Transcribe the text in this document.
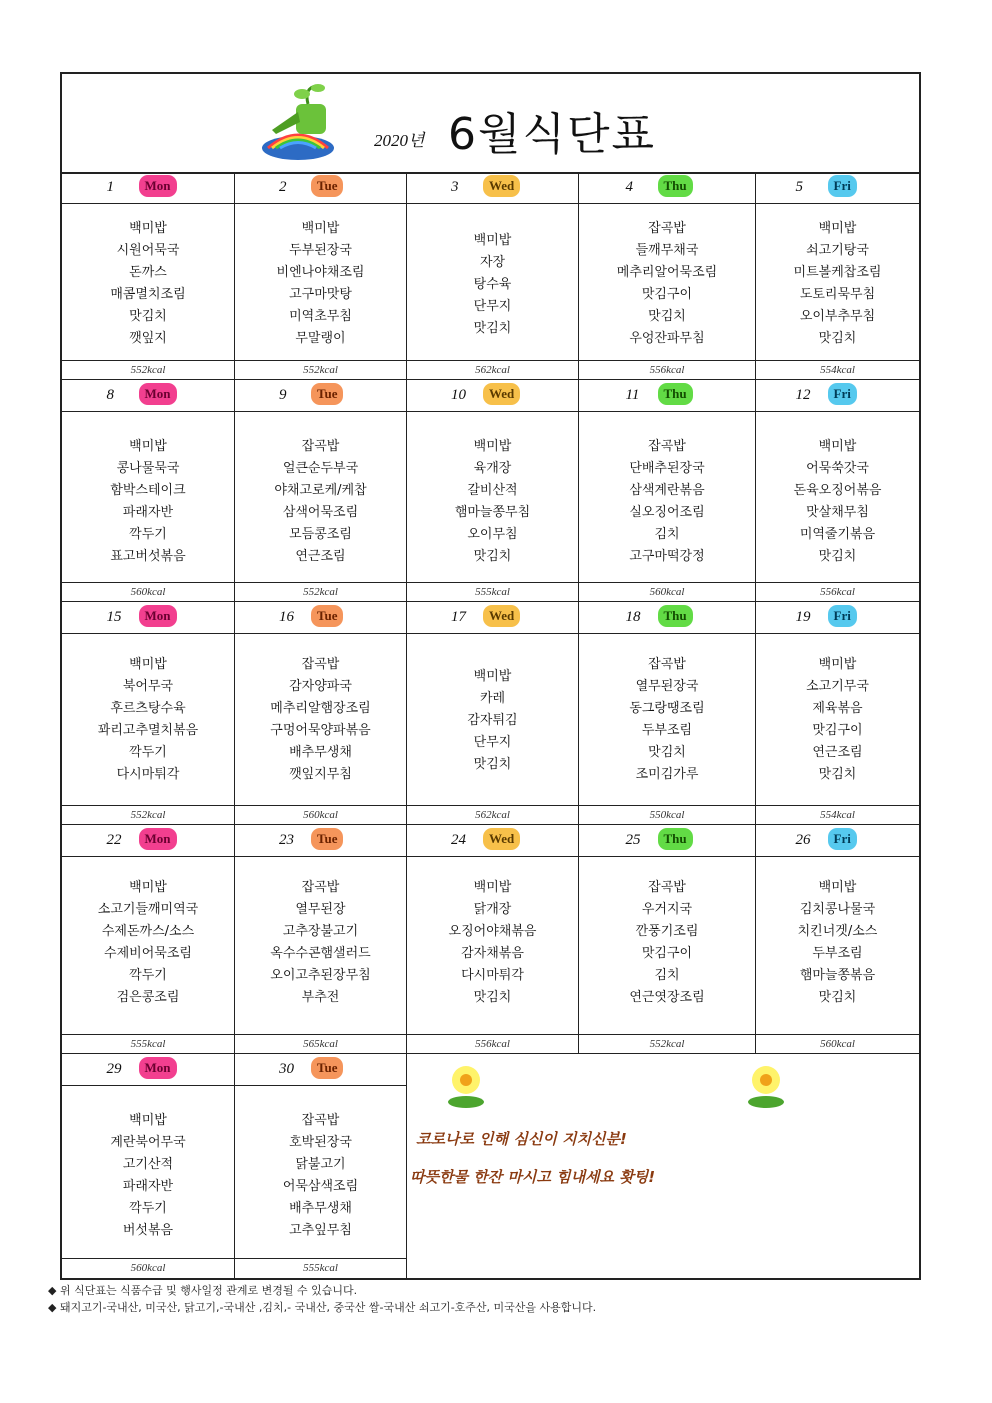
2020년 6월식단표
1	Mon
백미밥
시원어묵국
돈까스
매콤멸치조림
맛김치
깻잎지
552kcal
2	Tue
백미밥
두부된장국
비엔나야채조림
고구마맛탕
미역초무침
무말랭이
552kcal
3	Wed
백미밥
자장
탕수육
단무지
맛김치
562kcal
4	Thu
잡곡밥
들깨무채국
메추리알어묵조림
맛김구이
맛김치
우엉잔파무침
556kcal
5	Fri
백미밥
쇠고기탕국
미트볼케찹조림
도토리묵무침
오이부추무침
맛김치
554kcal
8	Mon
백미밥
콩나물묵국
함박스테이크
파래자반
깍두기
표고버섯볶음
560kcal
9	Tue
잡곡밥
얼큰순두부국
야채고로케/케찹
삼색어묵조림
모듬콩조림
연근조림
552kcal
10	Wed
백미밥
육개장
갈비산적
햄마늘쫑무침
오이무침
맛김치
555kcal
11	Thu
잡곡밥
단배추된장국
삼색계란볶음
실오징어조림
김치
고구마떡강정
560kcal
12	Fri
백미밥
어묵쑥갓국
돈육오징어볶음
맛살채무침
미역줄기볶음
맛김치
556kcal
15	Mon
백미밥
북어무국
후르츠탕수육
꽈리고추멸치볶음
깍두기
다시마튀각
552kcal
16	Tue
잡곡밥
감자양파국
메추리알햄장조림
구멍어묵양파볶음
배추무생채
깻잎지무침
560kcal
17	Wed
백미밥
카레
감자튀김
단무지
맛김치
562kcal
18	Thu
잡곡밥
열무된장국
동그랑땡조림
두부조림
맛김치
조미김가루
550kcal
19	Fri
백미밥
소고기무국
제육볶음
맛김구이
연근조림
맛김치
554kcal
22	Mon
백미밥
소고기들깨미역국
수제돈까스/소스
수제비어묵조림
깍두기
검은콩조림
555kcal
23	Tue
잡곡밥
열무된장
고추장불고기
옥수수콘햄샐러드
오이고추된장무침
부추전
565kcal
24	Wed
백미밥
닭개장
오징어야채볶음
감자채볶음
다시마튀각
맛김치
556kcal
25	Thu
잡곡밥
우거지국
깐풍기조림
맛김구이
김치
연근엿장조림
552kcal
26	Fri
백미밥
김치콩나물국
치킨너겟/소스
두부조림
햄마늘쫑볶음
맛김치
560kcal
29	Mon
백미밥
계란북어무국
고기산적
파래자반
깍두기
버섯볶음
560kcal
30	Tue
잡곡밥
호박된장국
닭불고기
어묵삼색조림
배추무생채
고추잎무침
555kcal
코로나로 인해 심신이 지치신분!
따뜻한물 한잔 마시고 힘내세요 홧팅!
◆ 위 식단표는 식품수급 및 행사일정 관계로 변경될 수 있습니다.
◆ 돼지고기-국내산, 미국산, 닭고기,-국내산 ,김치,- 국내산, 중국산 쌀-국내산 쇠고기-호주산, 미국산을 사용합니다.
